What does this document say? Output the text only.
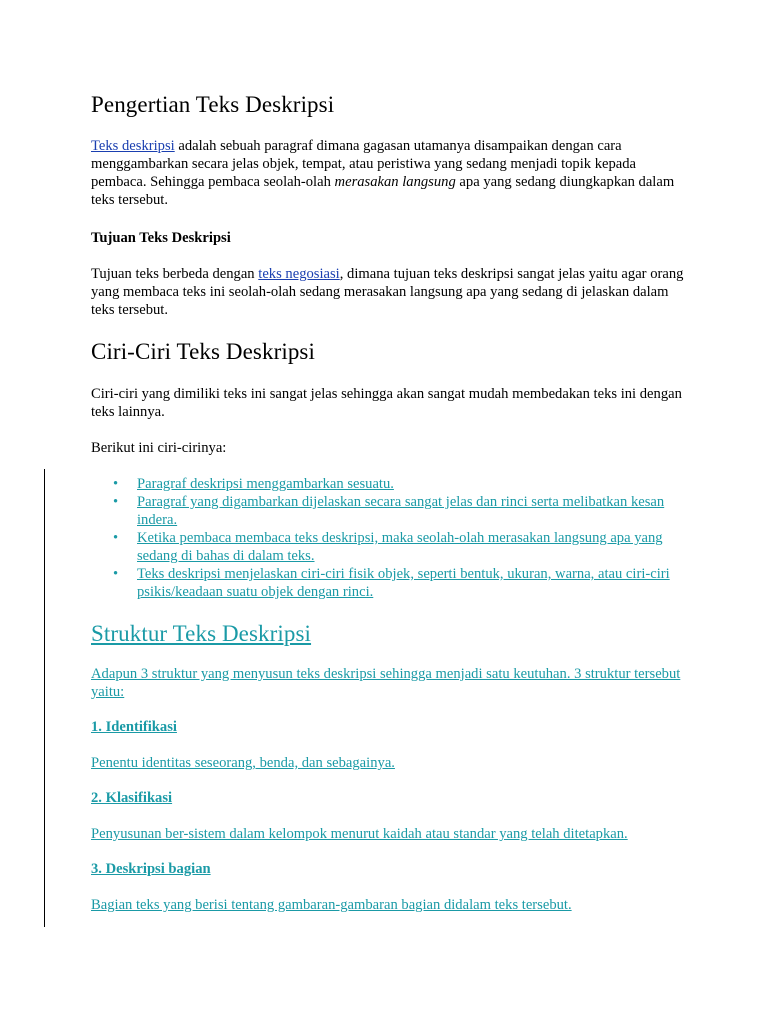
Pengertian Teks Deskripsi

Teks deskripsi adalah sebuah paragraf dimana gagasan utamanya disampaikan dengan cara menggambarkan secara jelas objek, tempat, atau peristiwa yang sedang menjadi topik kepada pembaca. Sehingga pembaca seolah-olah merasakan langsung apa yang sedang diungkapkan dalam teks tersebut.

Tujuan Teks Deskripsi

Tujuan teks berbeda dengan teks negosiasi, dimana tujuan teks deskripsi sangat jelas yaitu agar orang yang membaca teks ini seolah-olah sedang merasakan langsung apa yang sedang di jelaskan dalam teks tersebut.

Ciri-Ciri Teks Deskripsi

Ciri-ciri yang dimiliki teks ini sangat jelas sehingga akan sangat mudah membedakan teks ini dengan teks lainnya.

Berikut ini ciri-cirinya:

• Paragraf deskripsi menggambarkan sesuatu.
• Paragraf yang digambarkan dijelaskan secara sangat jelas dan rinci serta melibatkan kesan indera.
• Ketika pembaca membaca teks deskripsi, maka seolah-olah merasakan langsung apa yang sedang di bahas di dalam teks.
• Teks deskripsi menjelaskan ciri-ciri fisik objek, seperti bentuk, ukuran, warna, atau ciri-ciri psikis/keadaan suatu objek dengan rinci.
Struktur Teks Deskripsi

Adapun 3 struktur yang menyusun teks deskripsi sehingga menjadi satu keutuhan. 3 struktur tersebut yaitu:

1. Identifikasi

Penentu identitas seseorang, benda, dan sebagainya.

2. Klasifikasi

Penyusunan ber-sistem dalam kelompok menurut kaidah atau standar yang telah ditetapkan.

3. Deskripsi bagian

Bagian teks yang berisi tentang gambaran-gambaran bagian didalam teks tersebut.
